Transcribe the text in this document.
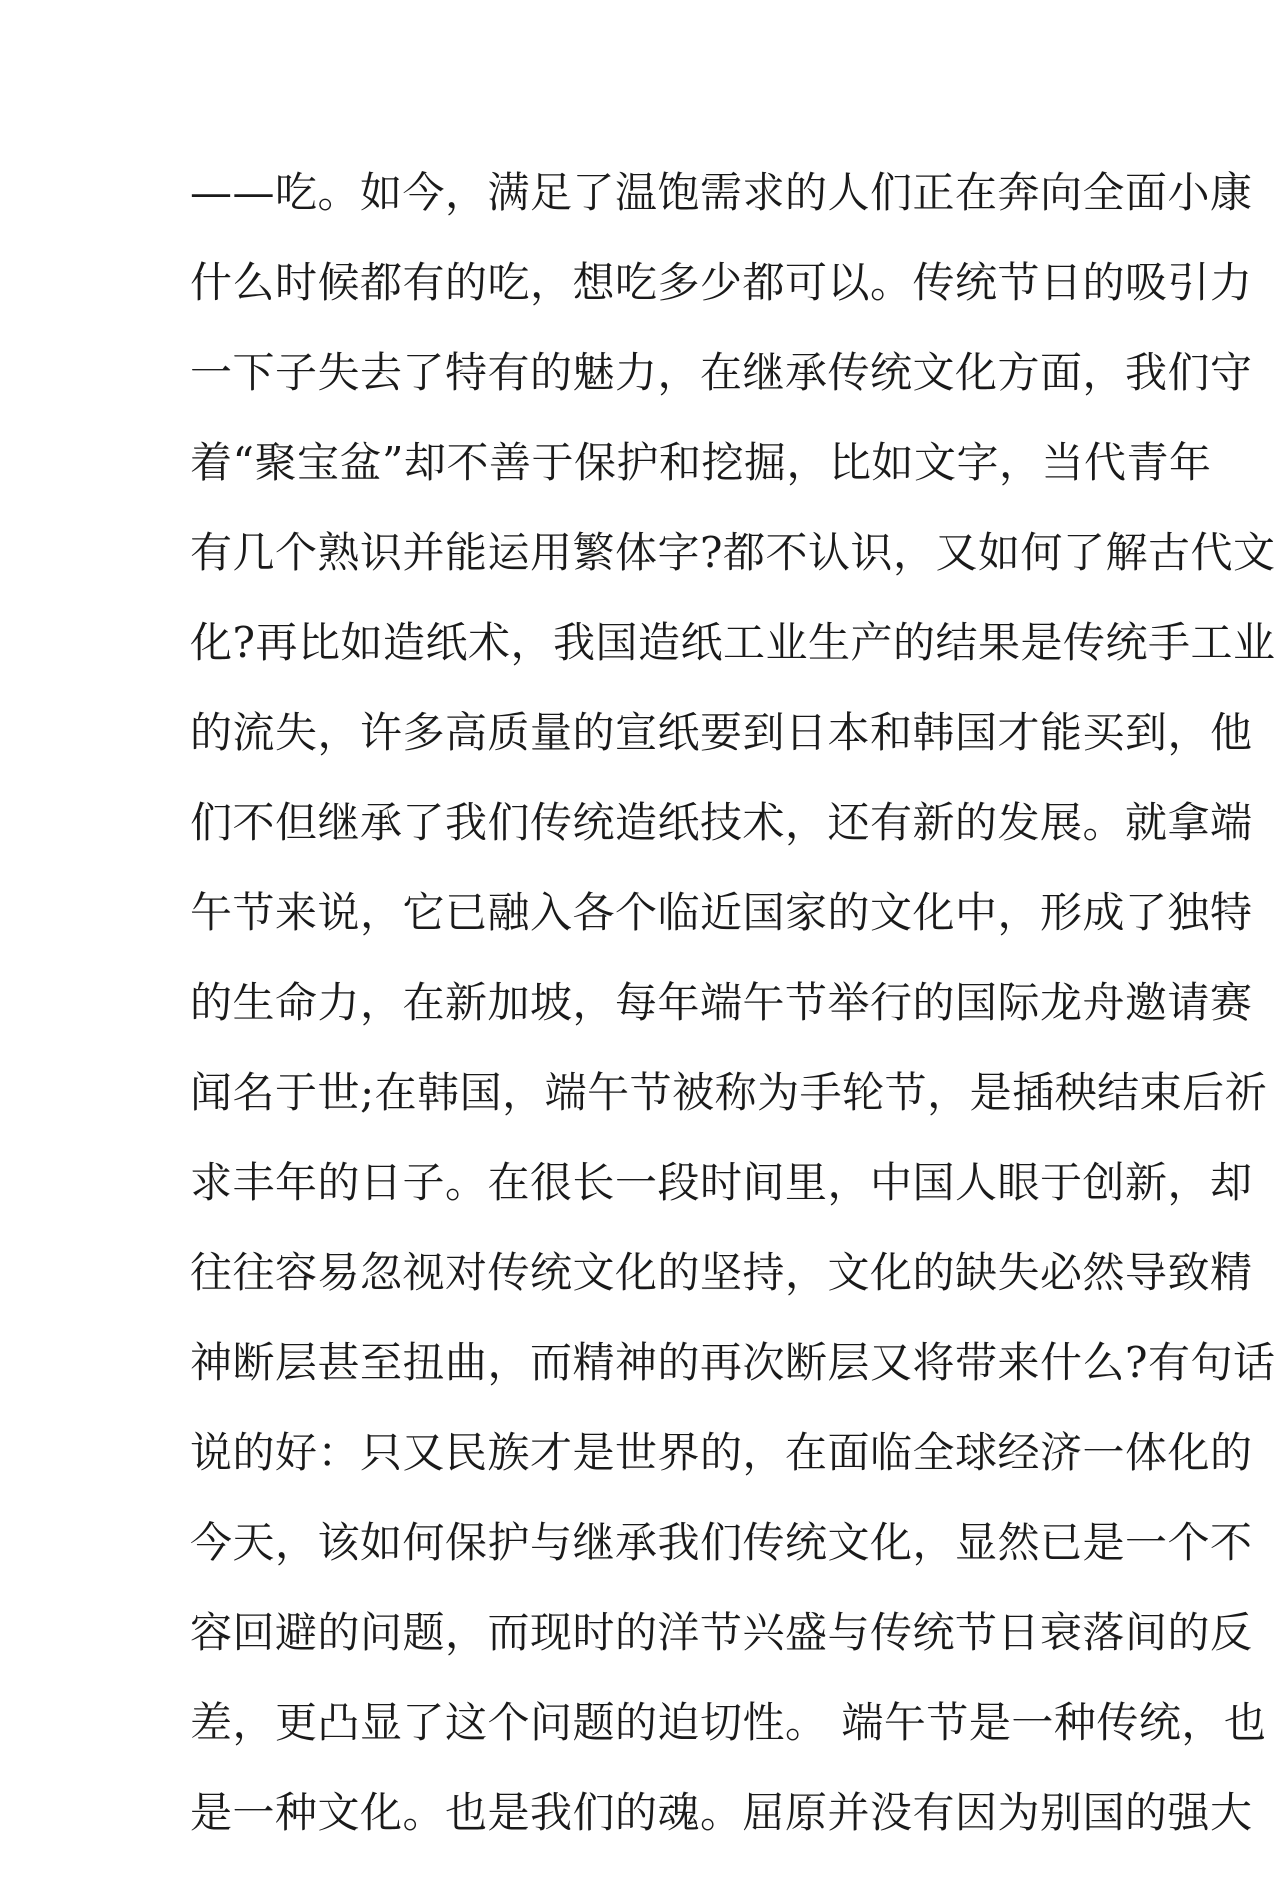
——吃。如今，满足了温饱需求的人们正在奔向全面小康
什么时候都有的吃，想吃多少都可以。传统节日的吸引力
一下子失去了特有的魅力，在继承传统文化方面，我们守
着“聚宝盆”却不善于保护和挖掘，比如文字，当代青年
有几个熟识并能运用繁体字?都不认识，又如何了解古代文
化?再比如造纸术，我国造纸工业生产的结果是传统手工业
的流失，许多高质量的宣纸要到日本和韩国才能买到，他
们不但继承了我们传统造纸技术，还有新的发展。就拿端
午节来说，它已融入各个临近国家的文化中，形成了独特
的生命力，在新加坡，每年端午节举行的国际龙舟邀请赛
闻名于世;在韩国，端午节被称为手轮节，是插秧结束后祈
求丰年的日子。在很长一段时间里，中国人眼于创新，却
往往容易忽视对传统文化的坚持，文化的缺失必然导致精
神断层甚至扭曲，而精神的再次断层又将带来什么?有句话
说的好：只又民族才是世界的，在面临全球经济一体化的
今天，该如何保护与继承我们传统文化，显然已是一个不
容回避的问题，而现时的洋节兴盛与传统节日衰落间的反
差，更凸显了这个问题的迫切性。 端午节是一种传统，也
是一种文化。也是我们的魂。屈原并没有因为别国的强大
